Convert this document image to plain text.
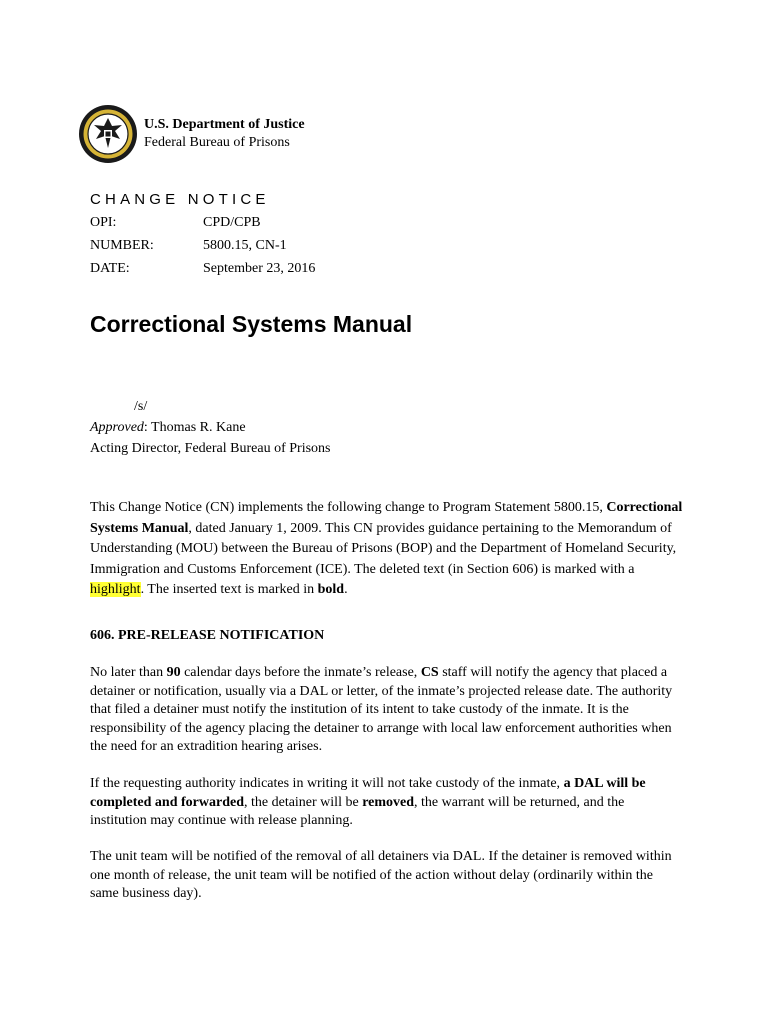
U.S. Department of Justice
Federal Bureau of Prisons
CHANGE NOTICE
OPI:	CPD/CPB
NUMBER:	5800.15, CN-1
DATE:	September 23, 2016
Correctional Systems Manual
/s/
Approved: Thomas R. Kane
Acting Director, Federal Bureau of Prisons

This Change Notice (CN) implements the following change to Program Statement 5800.15, Correctional Systems Manual, dated January 1, 2009. This CN provides guidance pertaining to the Memorandum of Understanding (MOU) between the Bureau of Prisons (BOP) and the Department of Homeland Security, Immigration and Customs Enforcement (ICE). The deleted text (in Section 606) is marked with a highlight. The inserted text is marked in bold.

606. PRE-RELEASE NOTIFICATION

No later than 90 calendar days before the inmate’s release, CS staff will notify the agency that placed a detainer or notification, usually via a DAL or letter, of the inmate’s projected release date. The authority that filed a detainer must notify the institution of its intent to take custody of the inmate. It is the responsibility of the agency placing the detainer to arrange with local law enforcement authorities when the need for an extradition hearing arises.

If the requesting authority indicates in writing it will not take custody of the inmate, a DAL will be completed and forwarded, the detainer will be removed, the warrant will be returned, and the institution may continue with release planning.

The unit team will be notified of the removal of all detainers via DAL. If the detainer is removed within one month of release, the unit team will be notified of the action without delay (ordinarily within the same business day).
